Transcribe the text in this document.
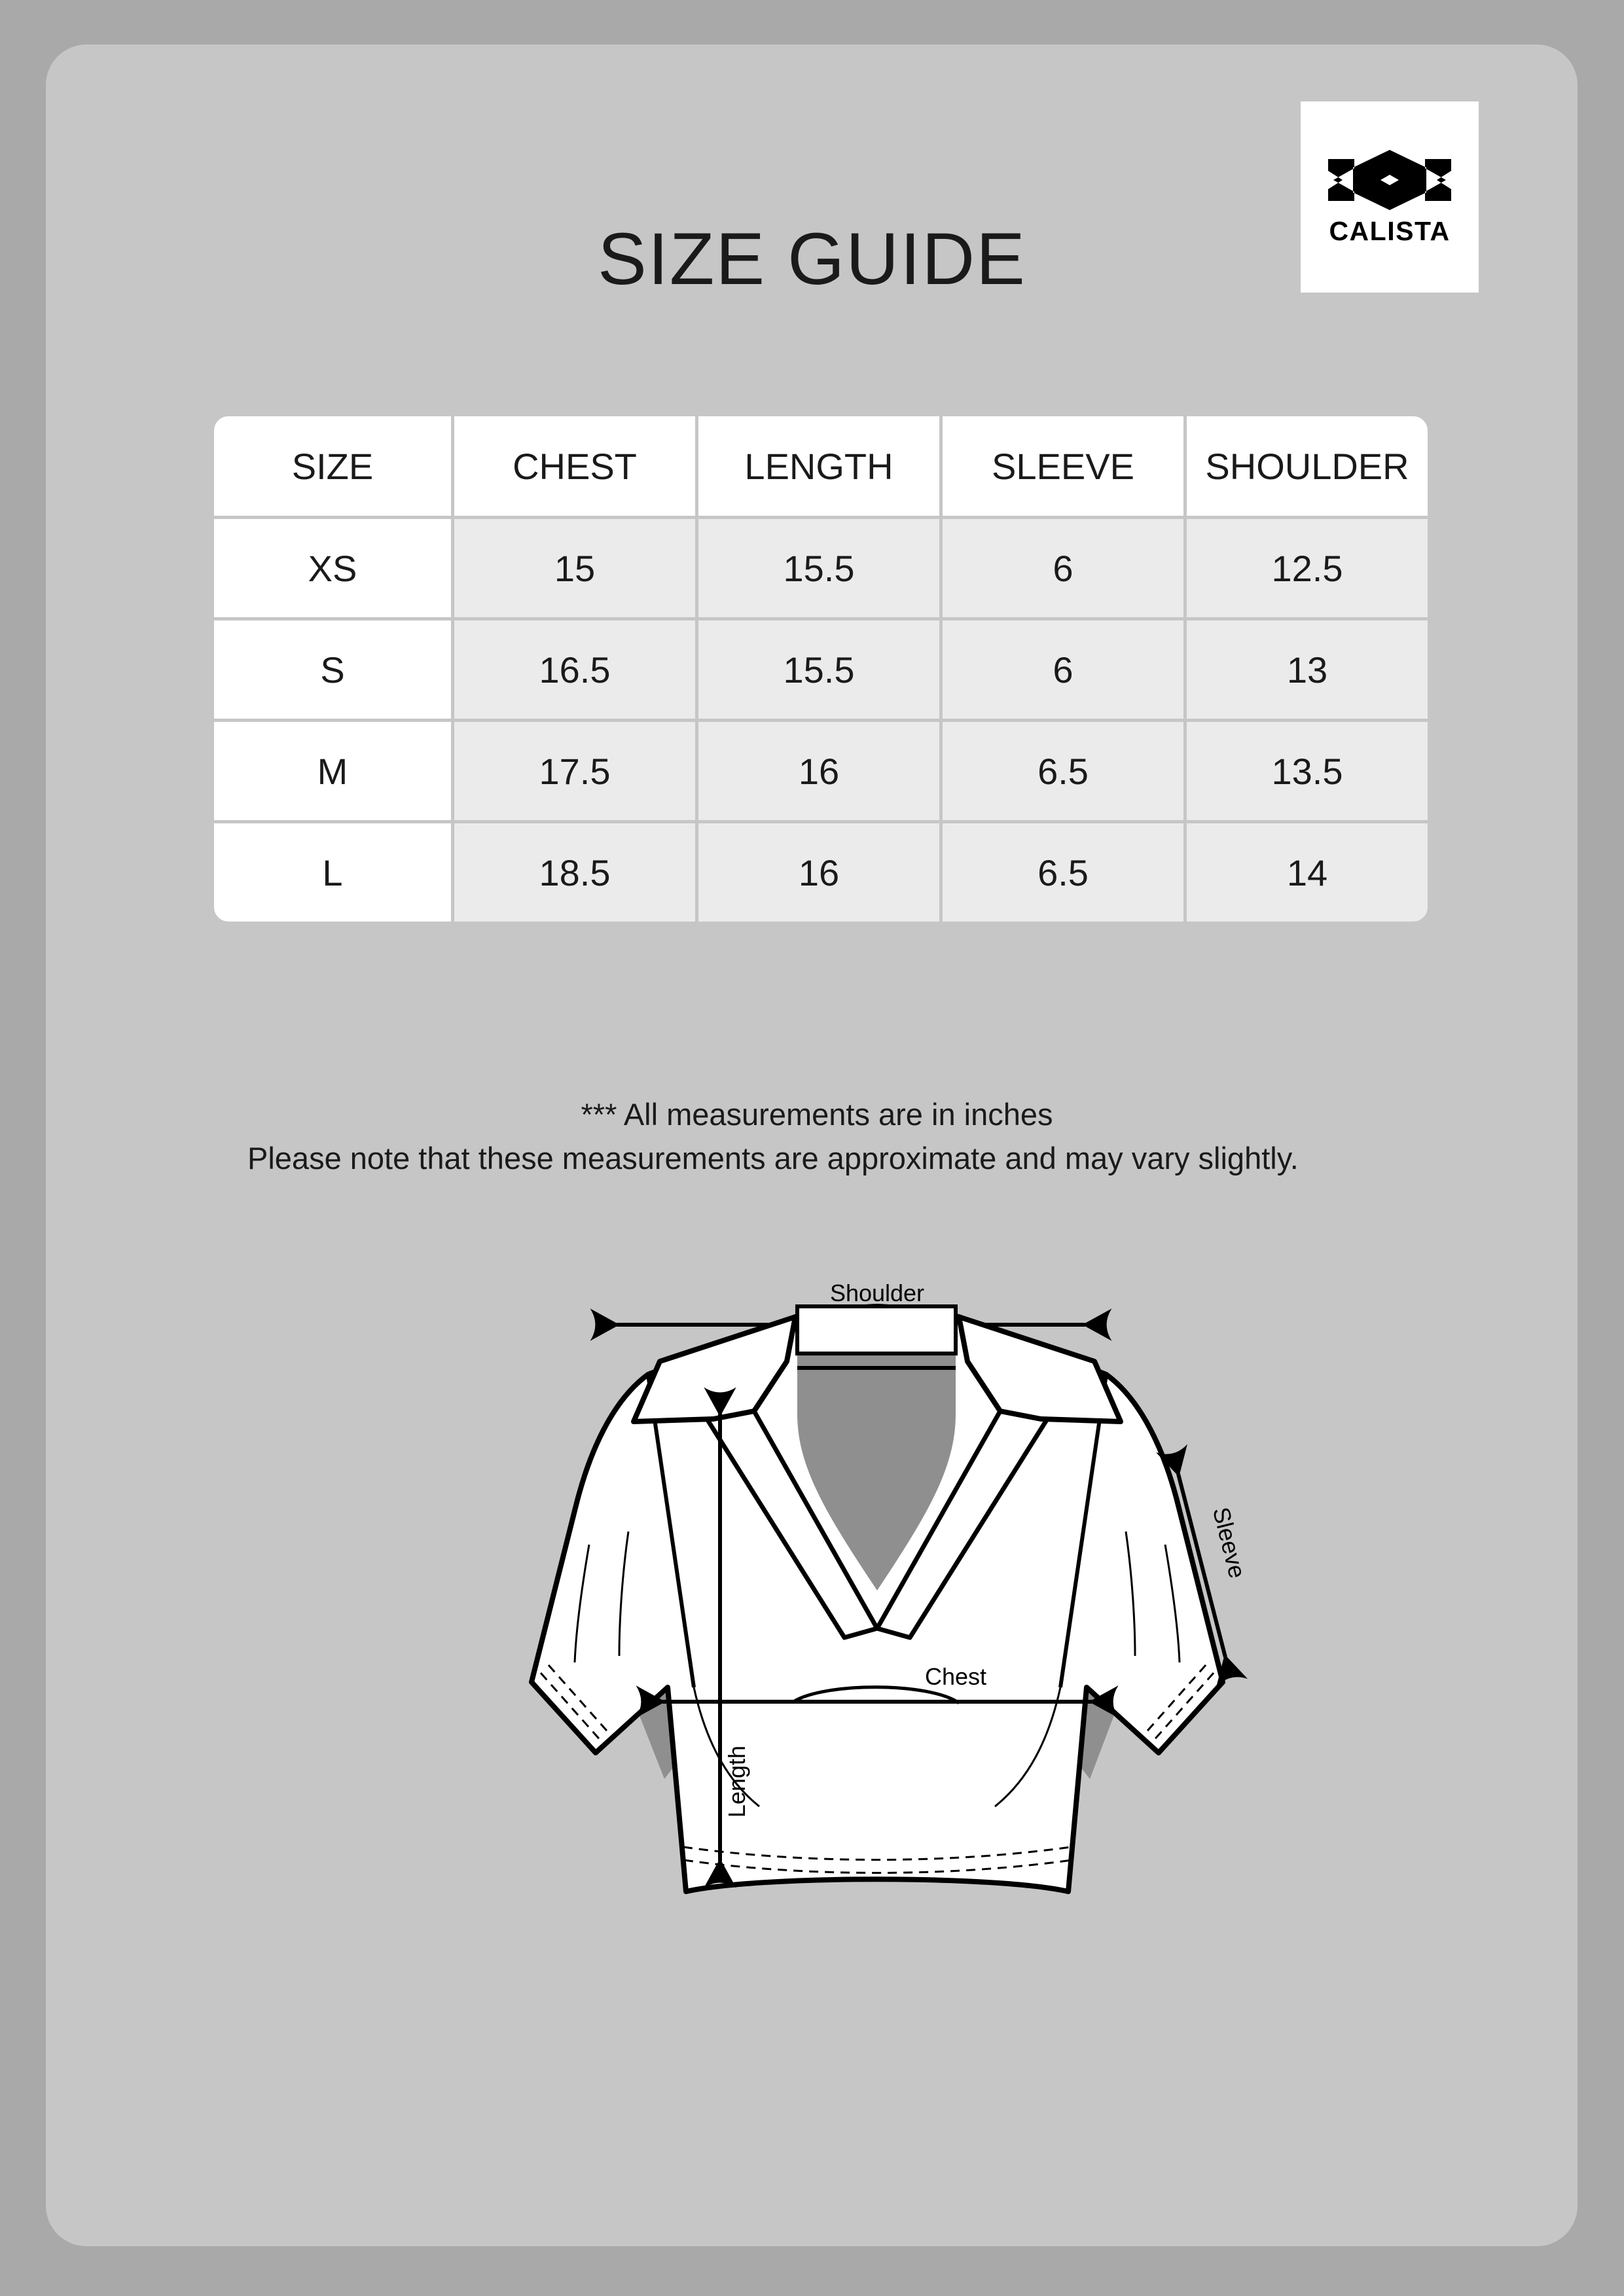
CALISTA
SIZE GUIDE
SIZE	CHEST	LENGTH	SLEEVE	SHOULDER
XS	15	15.5	6	12.5
S	16.5	15.5	6	13
M	17.5	16	6.5	13.5
L	18.5	16	6.5	14
*** All measurements are in inches
Please note that these measurements are approximate and may vary slightly.
Shoulder
Sleeve
Chest
Length
